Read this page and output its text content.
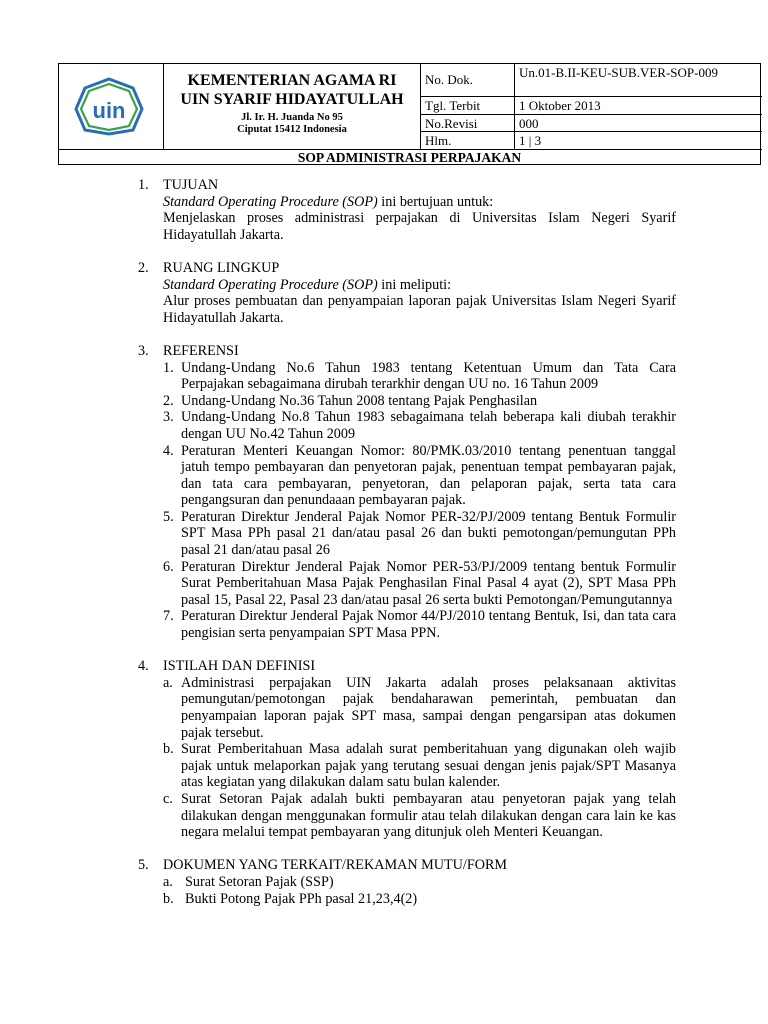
uin
KEMENTERIAN AGAMA RI
UIN SYARIF HIDAYATULLAH
Jl. Ir. H. Juanda No 95
Ciputat 15412 Indonesia
No. Dok.	Un.01-B.II-KEU-SUB.VER-SOP-009
Tgl. Terbit	1 Oktober 2013
No.Revisi	000
Hlm.	1 | 3
SOP ADMINISTRASI PERPAJAKAN
1.	TUJUAN
Standard Operating Procedure (SOP) ini bertujuan untuk:
Menjelaskan proses administrasi perpajakan di Universitas Islam Negeri Syarif Hidayatullah Jakarta.
2.	RUANG LINGKUP
Standard Operating Procedure (SOP) ini meliputi:
Alur proses pembuatan dan penyampaian laporan pajak Universitas Islam Negeri Syarif Hidayatullah Jakarta.
3.	REFERENSI
1. Undang-Undang No.6 Tahun 1983 tentang Ketentuan Umum dan Tata Cara Perpajakan sebagaimana dirubah terarkhir dengan UU no. 16 Tahun 2009
2. Undang-Undang No.36 Tahun 2008 tentang Pajak Penghasilan
3. Undang-Undang No.8 Tahun 1983 sebagaimana telah beberapa kali diubah terakhir dengan UU No.42 Tahun 2009
4. Peraturan Menteri Keuangan Nomor: 80/PMK.03/2010 tentang penentuan tanggal jatuh tempo pembayaran dan penyetoran pajak, penentuan tempat pembayaran pajak, dan tata cara pembayaran, penyetoran, dan pelaporan pajak, serta tata cara pengangsuran dan penundaaan pembayaran pajak.
5. Peraturan Direktur Jenderal Pajak Nomor PER-32/PJ/2009 tentang Bentuk Formulir SPT Masa PPh pasal 21 dan/atau pasal 26 dan bukti pemotongan/pemungutan PPh pasal 21 dan/atau pasal 26
6. Peraturan Direktur Jenderal Pajak Nomor PER-53/PJ/2009 tentang bentuk Formulir Surat Pemberitahuan Masa Pajak Penghasilan Final Pasal 4 ayat (2), SPT Masa PPh pasal 15, Pasal 22, Pasal 23 dan/atau pasal 26 serta bukti Pemotongan/Pemungutannya
7. Peraturan Direktur Jenderal Pajak Nomor 44/PJ/2010 tentang Bentuk, Isi, dan tata cara pengisian serta penyampaian SPT Masa PPN.
4.	ISTILAH DAN DEFINISI
a. Administrasi perpajakan UIN Jakarta adalah proses pelaksanaan aktivitas pemungutan/pemotongan pajak bendaharawan pemerintah, pembuatan dan penyampaian laporan pajak SPT masa, sampai dengan pengarsipan atas dokumen pajak tersebut.
b. Surat Pemberitahuan Masa adalah surat pemberitahuan yang digunakan oleh wajib pajak untuk melaporkan pajak yang terutang sesuai dengan jenis pajak/SPT Masanya atas kegiatan yang dilakukan dalam satu bulan kalender.
c. Surat Setoran Pajak adalah bukti pembayaran atau penyetoran pajak yang telah dilakukan dengan menggunakan formulir atau telah dilakukan dengan cara lain ke kas negara melalui tempat pembayaran yang ditunjuk oleh Menteri Keuangan.
5.	DOKUMEN YANG TERKAIT/REKAMAN MUTU/FORM
a. Surat Setoran Pajak (SSP)
b. Bukti Potong Pajak PPh pasal 21,23,4(2)
